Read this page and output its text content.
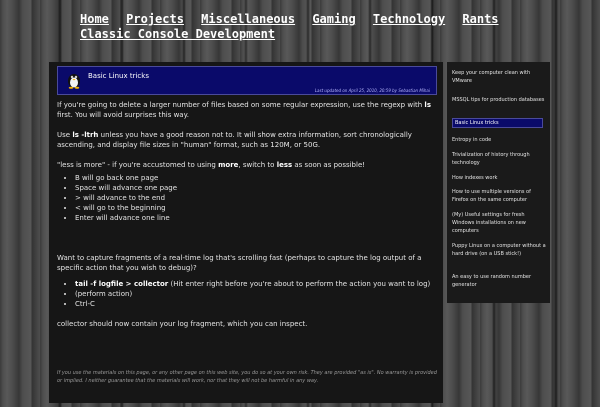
Home Projects Miscellaneous Gaming Technology Rants Classic Console Development
Basic Linux tricks
Last updated on April 25, 2010, 20:59 by Sebastian Mihai

If you're going to delete a larger number of files based on some regular expression, use the regexp with ls first. You will avoid surprises this way.

Use ls -ltrh unless you have a good reason not to. It will show extra information, sort chronologically ascending, and display file sizes in "human" format, such as 120M, or 50G.

"less is more" - if you're accustomed to using more, switch to less as soon as possible!

• B will go back one page
• Space will advance one page
• > will advance to the end
• < will go to the beginning
• Enter will advance one line

Want to capture fragments of a real-time log that's scrolling fast (perhaps to capture the log output of a specific action that you wish to debug)?

• tail -f logfile > collector (Hit enter right before you're about to perform the action you want to log)
• (perform action)
• Ctrl-C

collector should now contain your log fragment, which you can inspect.

If you use the materials on this page, or any other page on this web site, you do so at your own risk. They are provided "as is". No warranty is provided or implied. I neither guarantee that the materials will work, nor that they will not be harmful in any way.
Keep your computer clean with VMware
MSSQL tips for production databases
Basic Linux tricks
Entropy in code
Trivialization of history through technology
How indexes work
How to use multiple versions of Firefox on the same computer
(My) Useful settings for fresh Windows installations on new computers
Puppy Linux on a computer without a hard drive (on a USB stick!)
An easy to use random number generator
